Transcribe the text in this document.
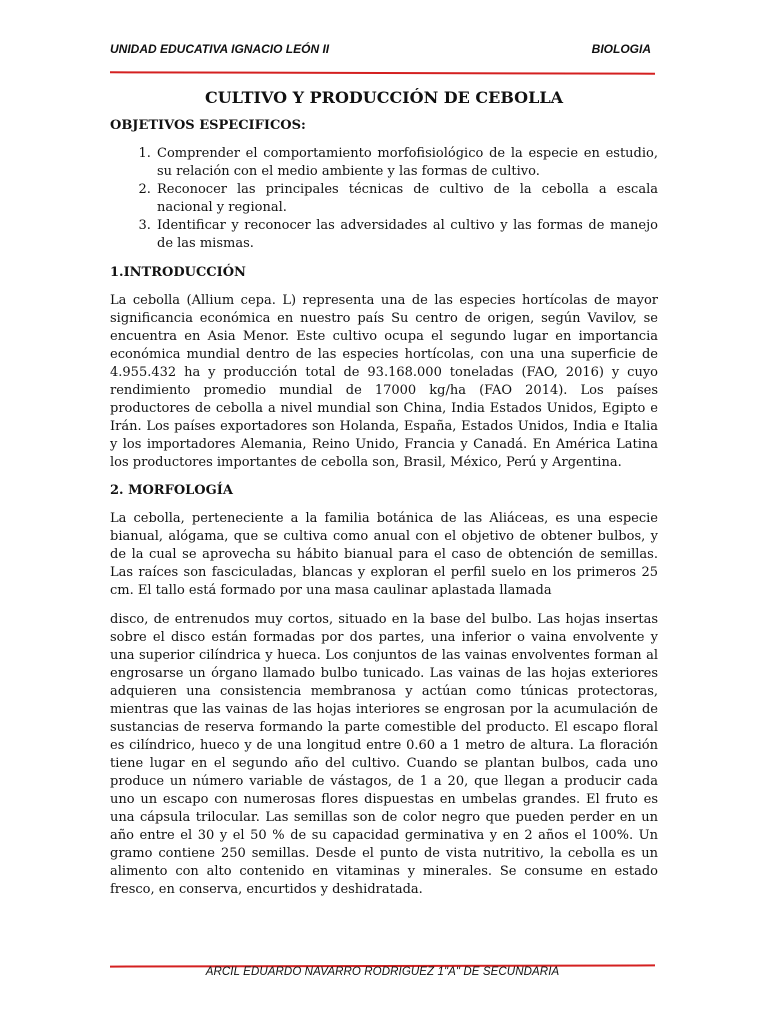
UNIDAD EDUCATIVA IGNACIO LEÓN II	BIOLOGIA
CULTIVO Y PRODUCCIÓN DE CEBOLLA
OBJETIVOS ESPECIFICOS:
1. Comprender el comportamiento morfofisiológico de la especie en estudio, su relación con el medio ambiente y las formas de cultivo.
2. Reconocer las principales técnicas de cultivo de la cebolla a escala nacional y regional.
3. Identificar y reconocer las adversidades al cultivo y las formas de manejo de las mismas.
1.INTRODUCCIÓN

La cebolla (Allium cepa. L) representa una de las especies hortícolas de mayor significancia económica en nuestro país Su centro de origen, según Vavilov, se encuentra en Asia Menor. Este cultivo ocupa el segundo lugar en importancia económica mundial dentro de las especies hortícolas, con una una superficie de 4.955.432 ha y producción total de 93.168.000 toneladas (FAO, 2016) y cuyo rendimiento promedio mundial de 17000 kg/ha (FAO 2014). Los países productores de cebolla a nivel mundial son China, India Estados Unidos, Egipto e Irán. Los países exportadores son Holanda, España, Estados Unidos, India e Italia y los importadores Alemania, Reino Unido, Francia y Canadá. En América Latina los productores importantes de cebolla son, Brasil, México, Perú y Argentina.

2. MORFOLOGÍA

La cebolla, perteneciente a la familia botánica de las Aliáceas, es una especie bianual, alógama, que se cultiva como anual con el objetivo de obtener bulbos, y de la cual se aprovecha su hábito bianual para el caso de obtención de semillas. Las raíces son fasciculadas, blancas y exploran el perfil suelo en los primeros 25 cm. El tallo está formado por una masa caulinar aplastada llamada

disco, de entrenudos muy cortos, situado en la base del bulbo. Las hojas insertas sobre el disco están formadas por dos partes, una inferior o vaina envolvente y una superior cilíndrica y hueca. Los conjuntos de las vainas envolventes forman al engrosarse un órgano llamado bulbo tunicado. Las vainas de las hojas exteriores adquieren una consistencia membranosa y actúan como túnicas protectoras, mientras que las vainas de las hojas interiores se engrosan por la acumulación de sustancias de reserva formando la parte comestible del producto. El escapo floral es cilíndrico, hueco y de una longitud entre 0.60 a 1 metro de altura. La floración tiene lugar en el segundo año del cultivo. Cuando se plantan bulbos, cada uno produce un número variable de vástagos, de 1 a 20, que llegan a producir cada uno un escapo con numerosas flores dispuestas en umbelas grandes. El fruto es una cápsula trilocular. Las semillas son de color negro que pueden perder en un año entre el 30 y el 50 % de su capacidad germinativa y en 2 años el 100%. Un gramo contiene 250 semillas. Desde el punto de vista nutritivo, la cebolla es un alimento con alto contenido en vitaminas y minerales. Se consume en estado fresco, en conserva, encurtidos y deshidratada.

ARCIL EDUARDO NAVARRO RODRIGUEZ 1"A" DE SECUNDARIA
